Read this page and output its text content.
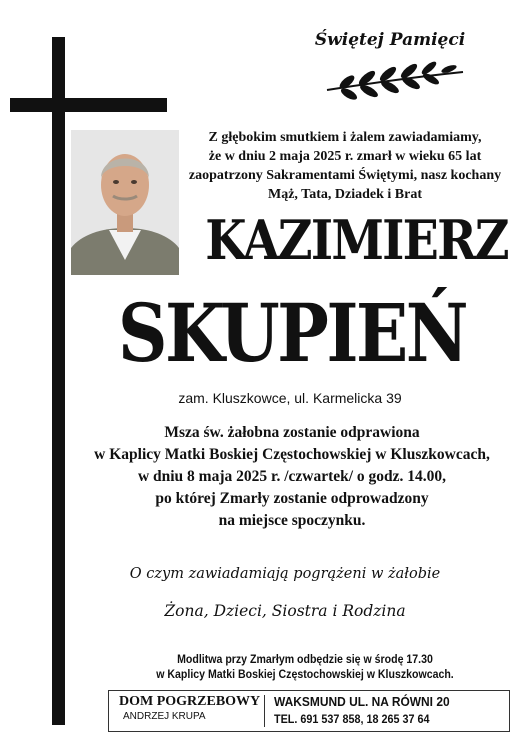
Świętej Pamięci
Z głębokim smutkiem i żalem zawiadamiamy,
że w dniu 2 maja 2025 r. zmarł w wieku 65 lat
zaopatrzony Sakramentami Świętymi, nasz kochany
Mąż, Tata, Dziadek i Brat
KAZIMIERZ
SKUPIEŃ
zam. Kluszkowce, ul. Karmelicka 39
Msza św. żałobna zostanie odprawiona
w Kaplicy Matki Boskiej Częstochowskiej w Kluszkowcach,
w dniu 8 maja 2025 r. /czwartek/ o godz. 14.00,
po której Zmarły zostanie odprowadzony
na miejsce spoczynku.
O czym zawiadamiają pogrążeni w żałobie
Żona, Dzieci, Siostra i Rodzina
Modlitwa przy Zmarłym odbędzie się w środę 17.30
w Kaplicy Matki Boskiej Częstochowskiej w Kluszkowcach.
DOM POGRZEBOWY
ANDRZEJ KRUPA
WAKSMUND UL. NA RÓWNI 20
TEL. 691 537 858, 18 265 37 64
